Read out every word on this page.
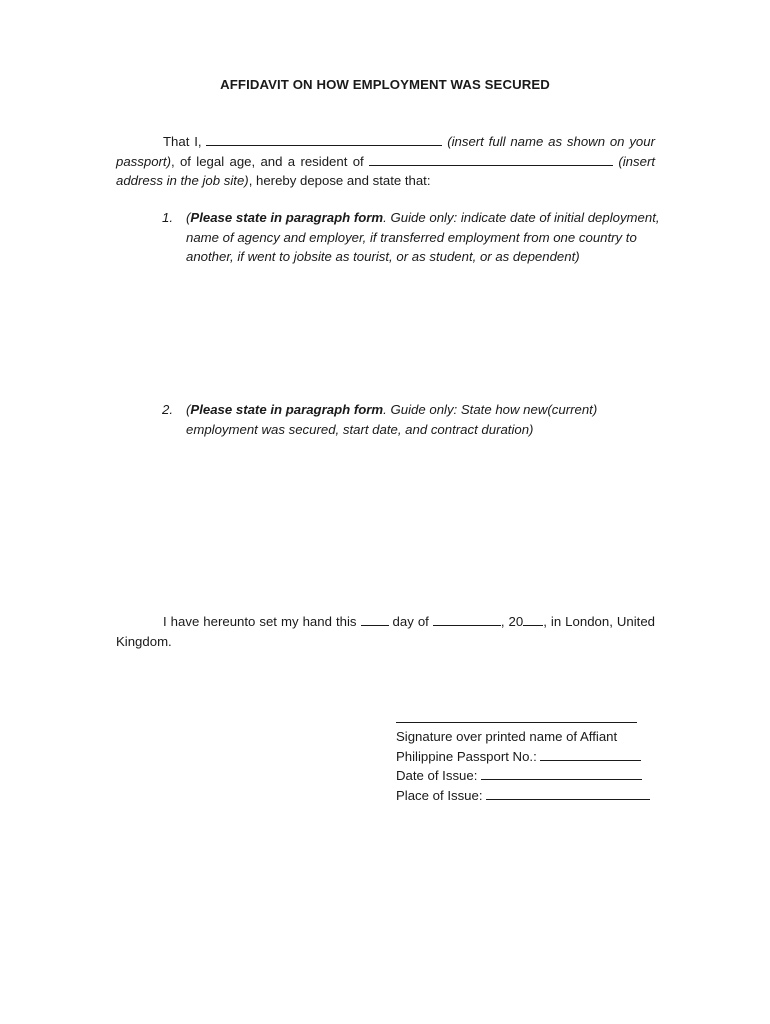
AFFIDAVIT ON HOW EMPLOYMENT WAS SECURED
That I,	(insert full name as shown on your passport), of legal age, and a resident of	(insert address in the job site), hereby depose and state that:
1. (Please state in paragraph form. Guide only: indicate date of initial deployment, name of agency and employer, if transferred employment from one country to another, if went to jobsite as tourist, or as student, or as dependent)
2. (Please state in paragraph form. Guide only: State how new(current) employment was secured, start date, and contract duration)
I have hereunto set my hand this	day of	, 20 , in London, United Kingdom.
Signature over printed name of Affiant
Philippine Passport No.:
Date of Issue:
Place of Issue:
